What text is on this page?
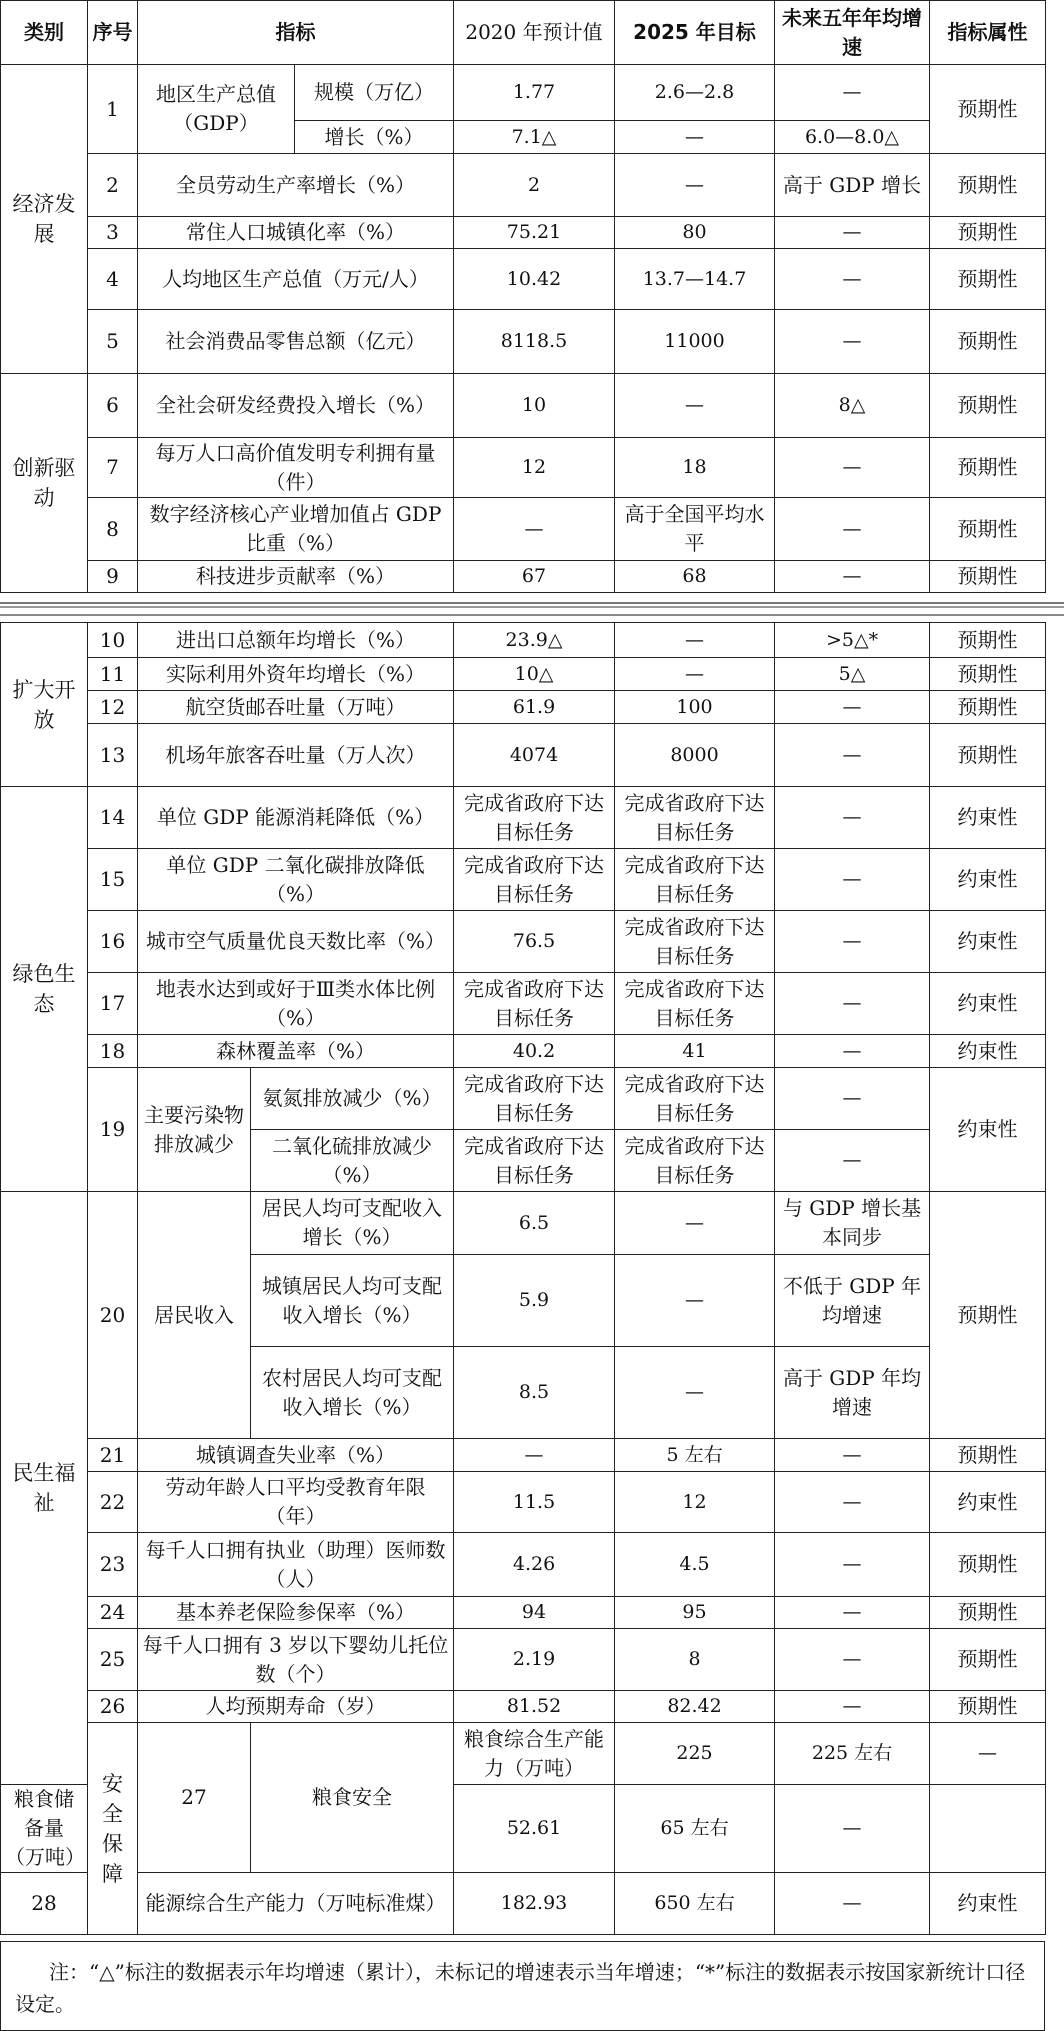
类别	序号	指标		2020 年预计值	2025 年目标	未来五年年均增速	指标属性
经济发展	1	地区生产总值（GDP）	规模（万亿）	1.77	2.6—2.8	—	预期性
			增长（%）	7.1△	—	6.0—8.0△	
	2	全员劳动生产率增长（%）		2	—	高于 GDP 增长	预期性
	3	常住人口城镇化率（%）		75.21	80	—	预期性
	4	人均地区生产总值（万元/人）		10.42	13.7—14.7	—	预期性
	5	社会消费品零售总额（亿元）		8118.5	11000	—	预期性
创新驱动	6	全社会研发经费投入增长（%）		10	—	8△	预期性
	7	每万人口高价值发明专利拥有量（件）		12	18	—	预期性
	8	数字经济核心产业增加值占 GDP 比重（%）		—	高于全国平均水平	—	预期性
	9	科技进步贡献率（%）		67	68	—	预期性
扩大开放	10	进出口总额年均增长（%）		23.9△	—	>5△*	预期性	
	11	实际利用外资年均增长（%）		10△	—	5△	预期性	
	12	航空货邮吞吐量（万吨）		61.9	100	—	预期性	
	13	机场年旅客吞吐量（万人次）		4074	8000	—	预期性	
绿色生态	14	单位 GDP 能源消耗降低（%）		完成省政府下达目标任务	完成省政府下达目标任务	—	约束性	
	15	单位 GDP 二氧化碳排放降低（%）		完成省政府下达目标任务	完成省政府下达目标任务	—	约束性	
	16	城市空气质量优良天数比率（%）		76.5	完成省政府下达目标任务	—	约束性	
	17	地表水达到或好于Ⅲ类水体比例（%）		完成省政府下达目标任务	完成省政府下达目标任务	—	约束性	
	18	森林覆盖率（%）		40.2	41	—	约束性	
	19	主要污染物排放减少	氨氮排放减少（%）	完成省政府下达目标任务	完成省政府下达目标任务	—	约束性	
			二氧化硫排放减少（%）	完成省政府下达目标任务	完成省政府下达目标任务	—		
民生福祉	20	居民收入	居民人均可支配收入增长（%）	6.5	—	与 GDP 增长基本同步	预期性	
			城镇居民人均可支配收入增长（%）	5.9	—	不低于 GDP 年均增速		
			农村居民人均可支配收入增长（%）	8.5	—	高于 GDP 年均增速		
	21	城镇调查失业率（%）		—	5 左右	—	预期性	
	22	劳动年龄人口平均受教育年限（年）		11.5	12	—	约束性	
	23	每千人口拥有执业（助理）医师数（人）		4.26	4.5	—	预期性	
	24	基本养老保险参保率（%）		94	95	—	预期性	
	25	每千人口拥有 3 岁以下婴幼儿托位数（个）		2.19	8	—	预期性	
	26	人均预期寿命（岁）		81.52	82.42	—	预期性	
	安全保障	27	粮食安全	粮食综合生产能力（万吨）	225	225 左右	—	
粮食储备量（万吨）				52.61	65 左右	—		
28		能源综合生产能力（万吨标准煤）		182.93	650 左右	—	约束性	
注：“△”标注的数据表示年均增速（累计），未标记的增速表示当年增速；“*”标注的数据表示按国家新统计口径设定。
